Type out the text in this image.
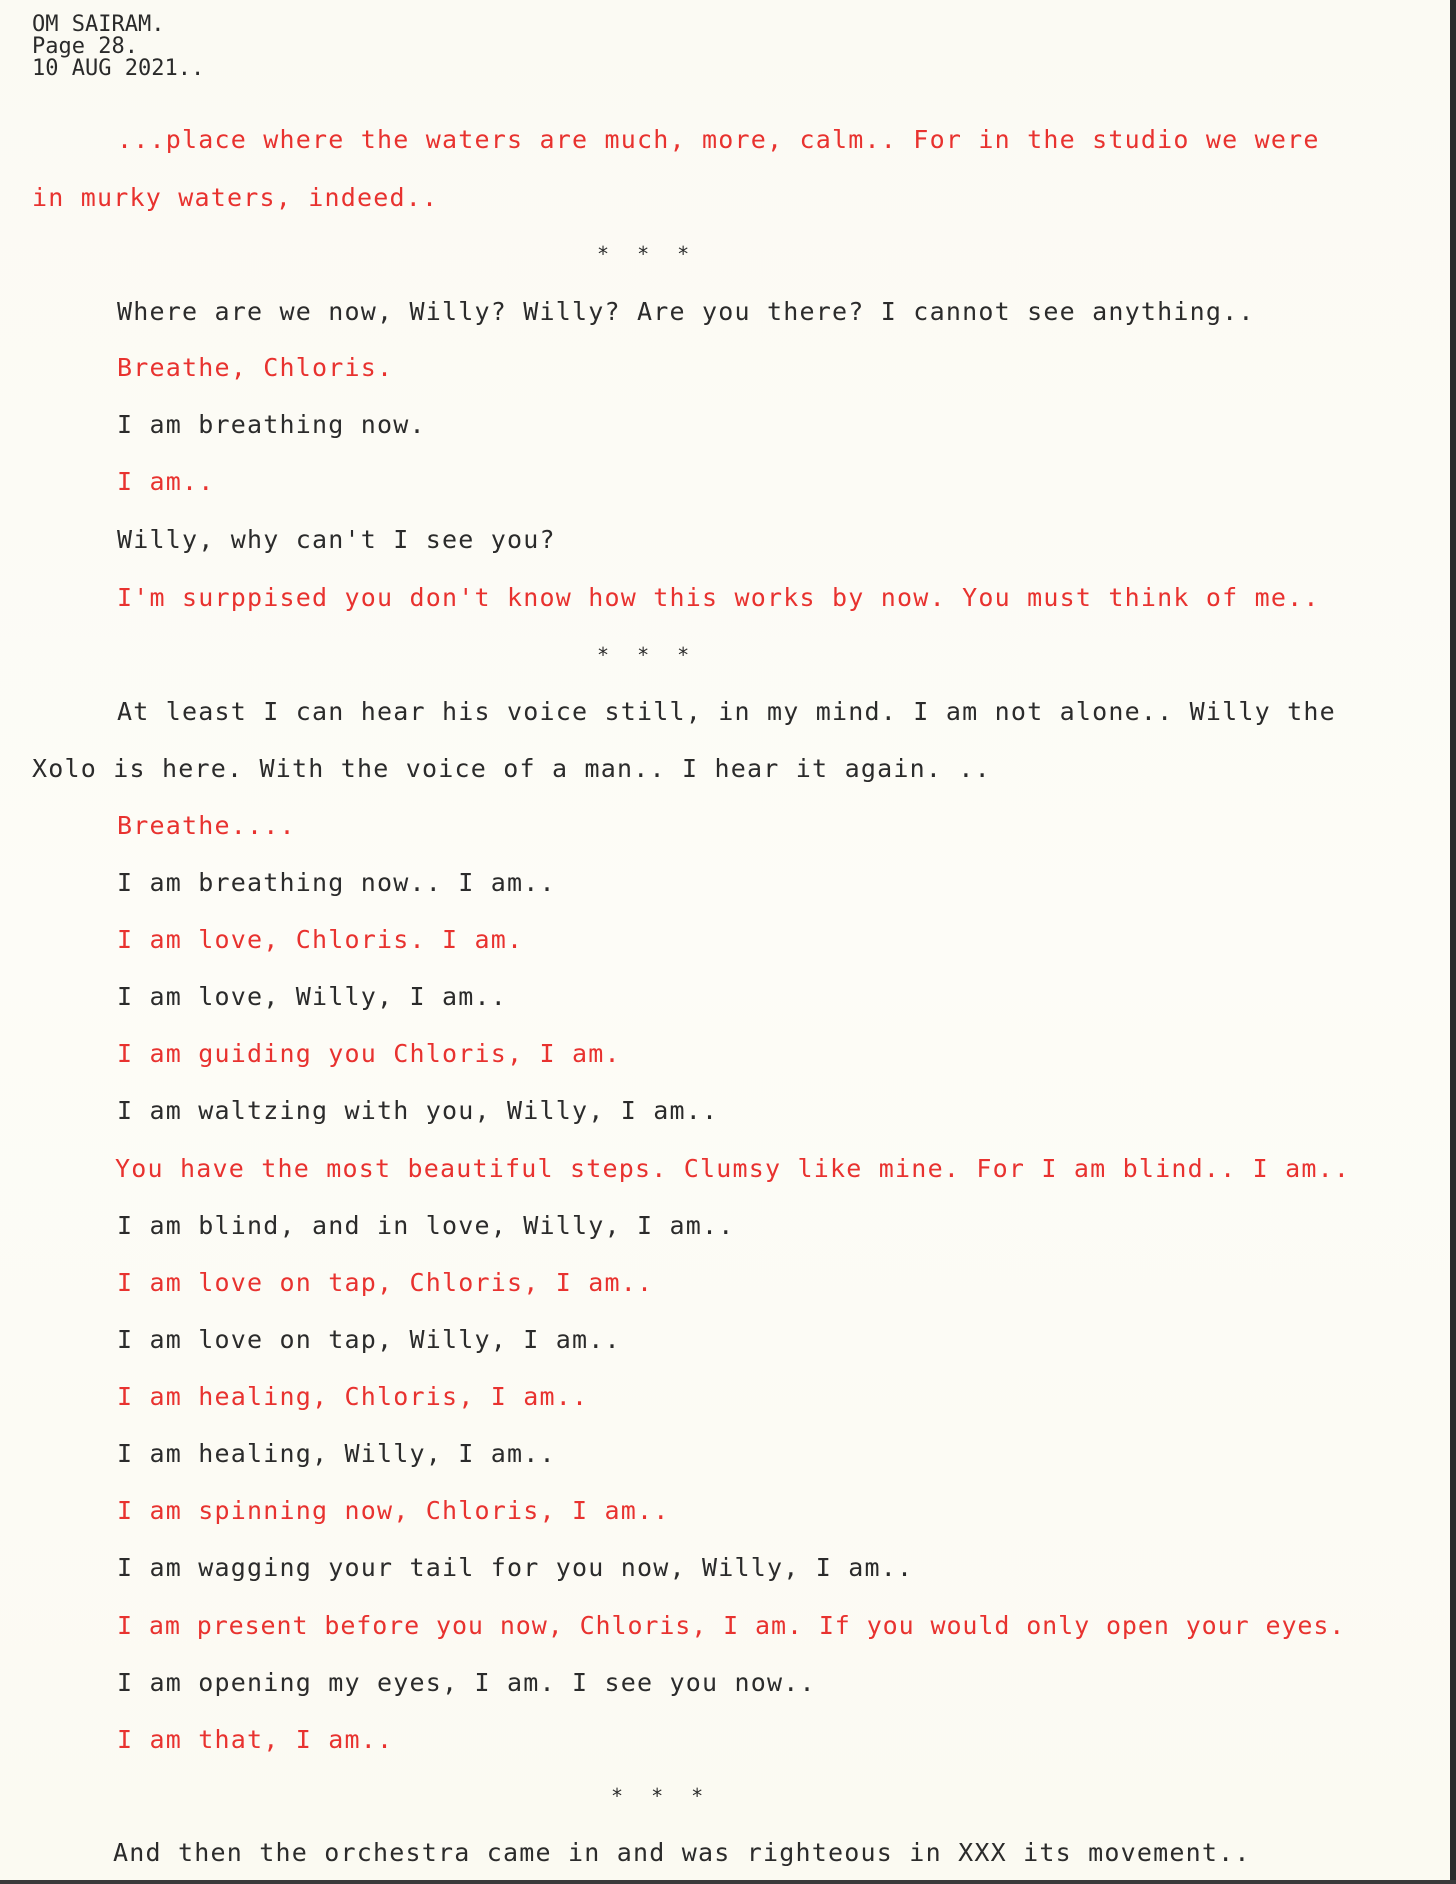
OM SAIRAM.
Page 28.
10 AUG 2021..
...place where the waters are much, more, calm.. For in the studio we were
in murky waters, indeed..
* * *
Where are we now, Willy? Willy? Are you there? I cannot see anything..
Breathe, Chloris.
I am breathing now.
I am..
Willy, why can't I see you?
I'm surppised you don't know how this works by now. You must think of me..
* * *
At least I can hear his voice still, in my mind. I am not alone.. Willy the
Xolo is here. With the voice of a man.. I hear it again. ..
Breathe....
I am breathing now.. I am..
I am love, Chloris. I am.
I am love, Willy, I am..
I am guiding you Chloris, I am.
I am waltzing with you, Willy, I am..
You have the most beautiful steps. Clumsy like mine. For I am blind.. I am..
I am blind, and in love, Willy, I am..
I am love on tap, Chloris, I am..
I am love on tap, Willy, I am..
I am healing, Chloris, I am..
I am healing, Willy, I am..
I am spinning now, Chloris, I am..
I am wagging your tail for you now, Willy, I am..
I am present before you now, Chloris, I am. If you would only open your eyes.
I am opening my eyes, I am. I see you now..
I am that, I am..
* * *
And then the orchestra came in and was righteous in XXX its movement..
